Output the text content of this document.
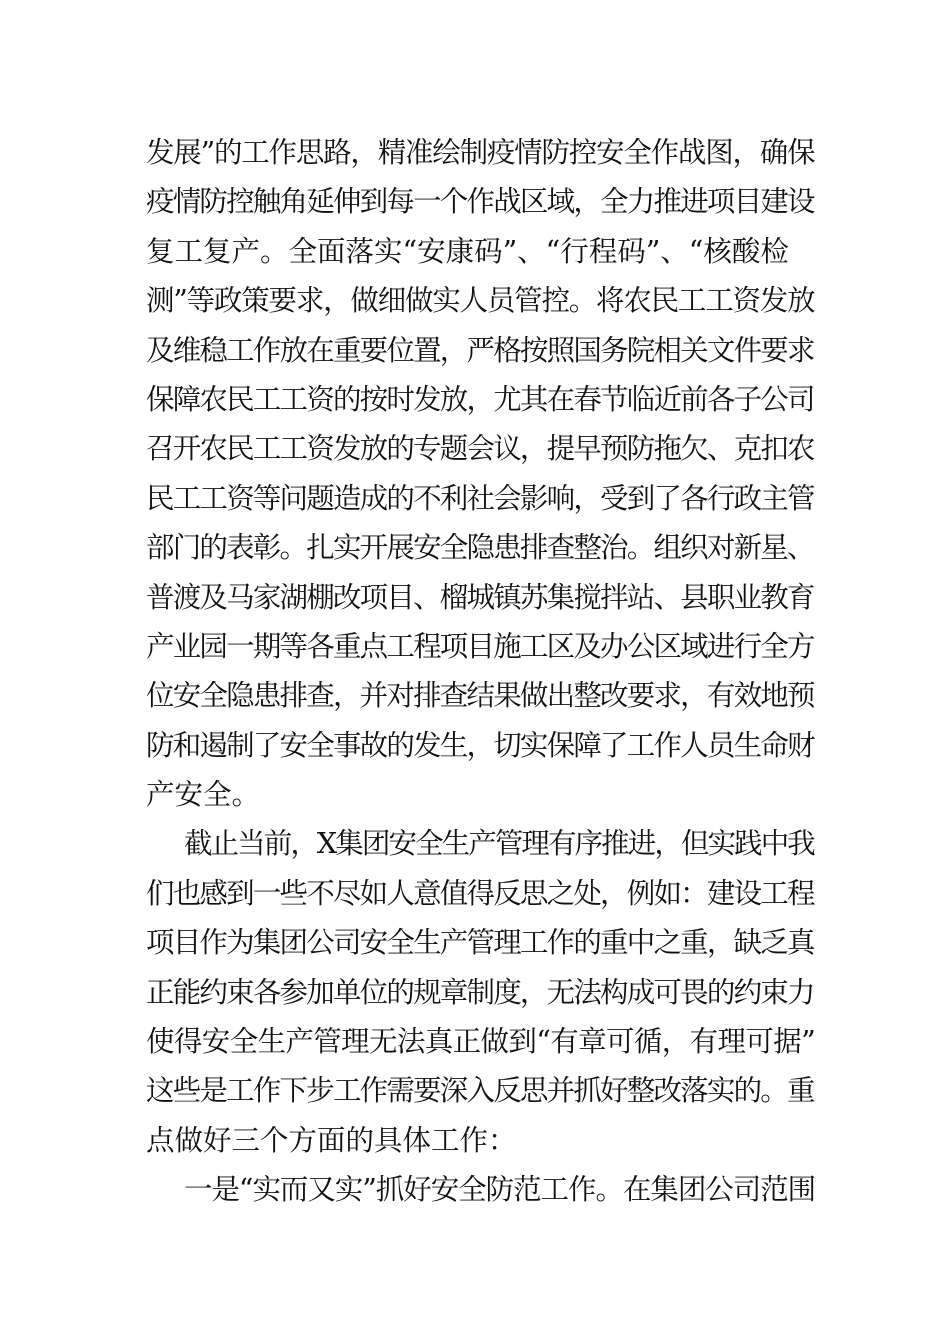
发展”的工作思路，精准绘制疫情防控安全作战图，确保
疫情防控触角延伸到每一个作战区域，全力推进项目建设
复工复产。全面落实“安康码”、“行程码”、“核酸检
测”等政策要求，做细做实人员管控。将农民工工资发放
及维稳工作放在重要位置，严格按照国务院相关文件要求
保障农民工工资的按时发放，尤其在春节临近前各子公司
召开农民工工资发放的专题会议，提早预防拖欠、克扣农
民工工资等问题造成的不利社会影响，受到了各行政主管
部门的表彰。扎实开展安全隐患排查整治。组织对新星、
普渡及马家湖棚改项目、榴城镇苏集搅拌站、县职业教育
产业园一期等各重点工程项目施工区及办公区域进行全方
位安全隐患排查，并对排查结果做出整改要求，有效地预
防和遏制了安全事故的发生，切实保障了工作人员生命财
产安全。
截止当前，X集团安全生产管理有序推进，但实践中我
们也感到一些不尽如人意值得反思之处，例如：建设工程
项目作为集团公司安全生产管理工作的重中之重，缺乏真
正能约束各参加单位的规章制度，无法构成可畏的约束力
使得安全生产管理无法真正做到“有章可循，有理可据”
这些是工作下步工作需要深入反思并抓好整改落实的。重
点做好三个方面的具体工作：
一是“实而又实”抓好安全防范工作。在集团公司范围
